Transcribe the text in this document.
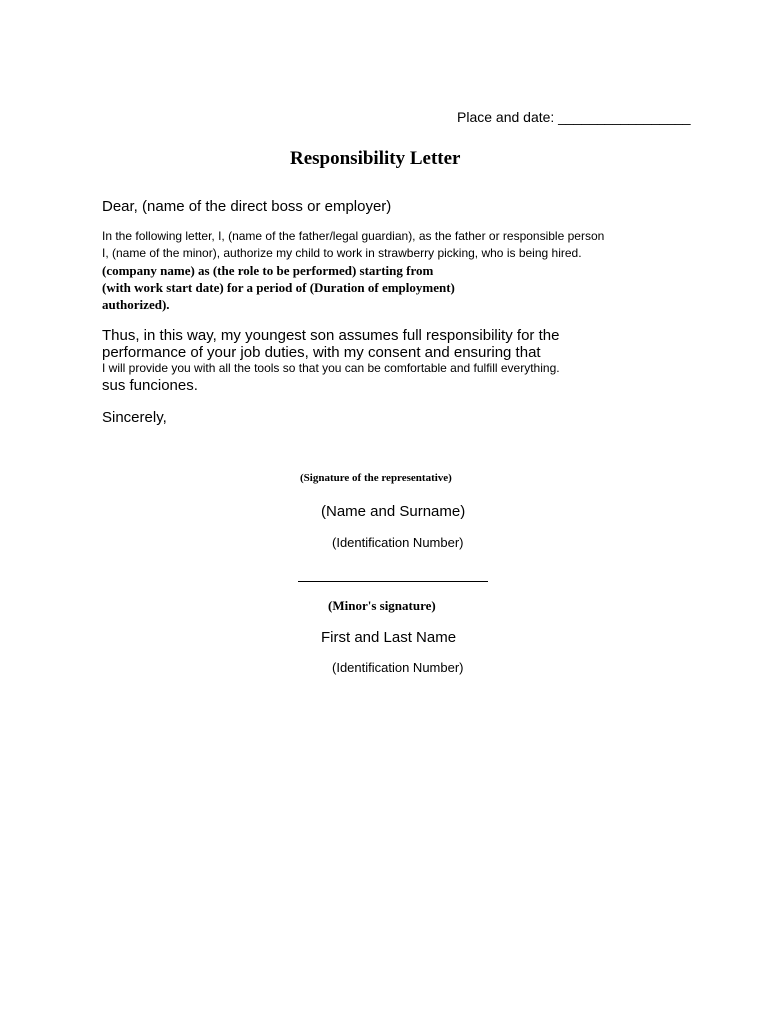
Place and date: _________________
Responsibility Letter
Dear, (name of the direct boss or employer)
In the following letter, I, (name of the father/legal guardian), as the father or responsible person
I, (name of the minor), authorize my child to work in strawberry picking, who is being hired.
(company name) as (the role to be performed) starting from
(with work start date) for a period of (Duration of employment)
authorized).
Thus, in this way, my youngest son assumes full responsibility for the
performance of your job duties, with my consent and ensuring that
I will provide you with all the tools so that you can be comfortable and fulfill everything.
sus funciones.
Sincerely,
(Signature of the representative)
(Name and Surname)
(Identification Number)
(Minor's signature)
First and Last Name
(Identification Number)
